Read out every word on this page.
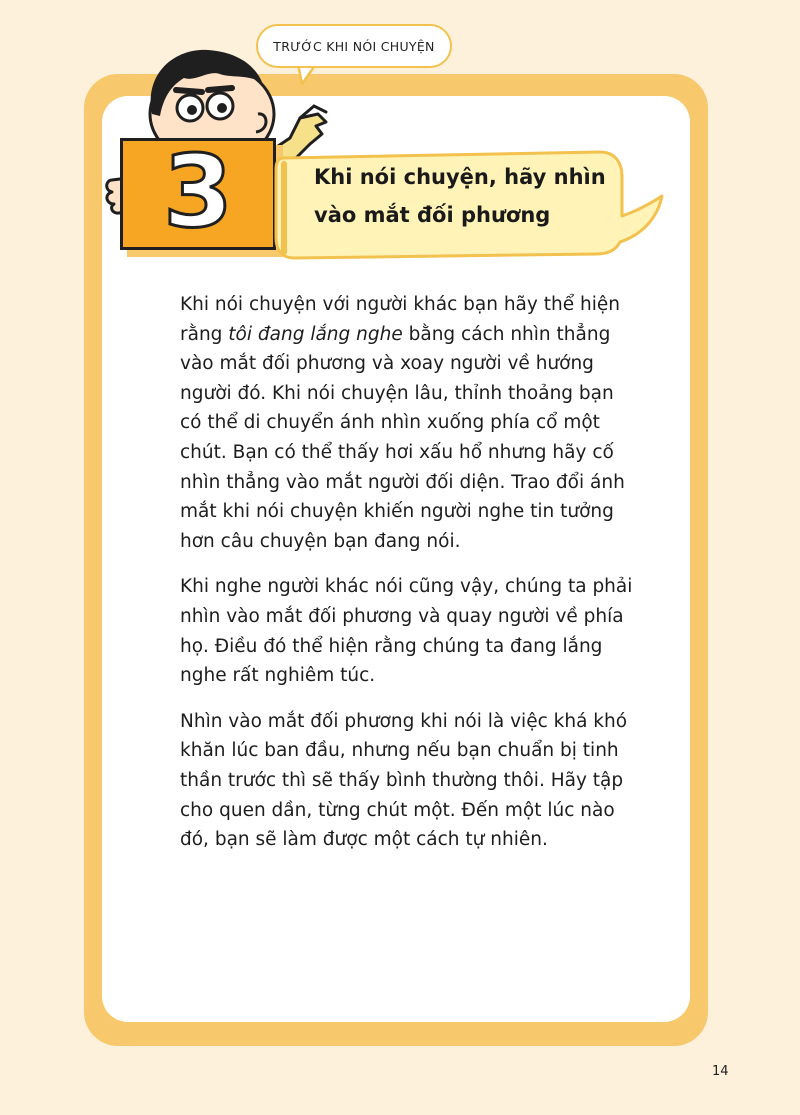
TRƯỚC KHI NÓI CHUYỆN
3	Khi nói chuyện, hãy nhìn
vào mắt đối phương

Khi nói chuyện với người khác bạn hãy thể hiện rằng tôi đang lắng nghe bằng cách nhìn thẳng vào mắt đối phương và xoay người về hướng người đó. Khi nói chuyện lâu, thỉnh thoảng bạn có thể di chuyển ánh nhìn xuống phía cổ một chút. Bạn có thể thấy hơi xấu hổ nhưng hãy cố nhìn thẳng vào mắt người đối diện. Trao đổi ánh mắt khi nói chuyện khiến người nghe tin tưởng hơn câu chuyện bạn đang nói.

Khi nghe người khác nói cũng vậy, chúng ta phải nhìn vào mắt đối phương và quay người về phía họ. Điều đó thể hiện rằng chúng ta đang lắng nghe rất nghiêm túc.

Nhìn vào mắt đối phương khi nói là việc khá khó khăn lúc ban đầu, nhưng nếu bạn chuẩn bị tinh thần trước thì sẽ thấy bình thường thôi. Hãy tập cho quen dần, từng chút một. Đến một lúc nào đó, bạn sẽ làm được một cách tự nhiên.

14
